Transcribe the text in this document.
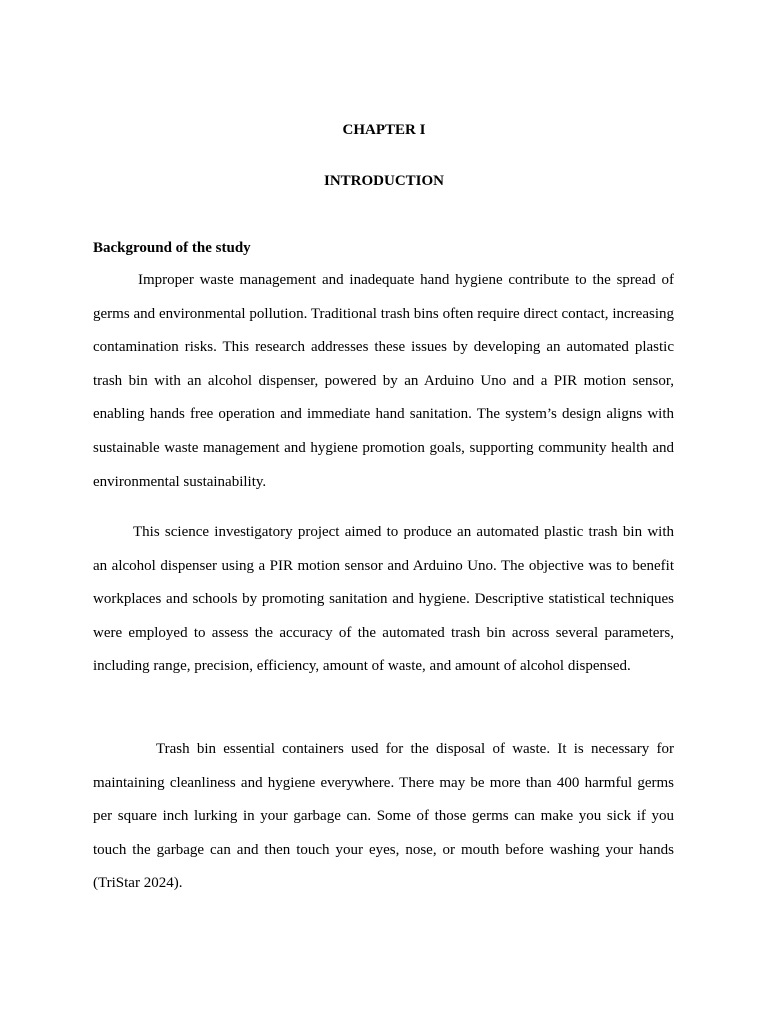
CHAPTER I
INTRODUCTION
Background of the study

Improper waste management and inadequate hand hygiene contribute to the spread of germs and environmental pollution. Traditional trash bins often require direct contact, increasing contamination risks. This research addresses these issues by developing an automated plastic trash bin with an alcohol dispenser, powered by an Arduino Uno and a PIR motion sensor, enabling hands free operation and immediate hand sanitation. The system’s design aligns with sustainable waste management and hygiene promotion goals, supporting community health and environmental sustainability.

This science investigatory project aimed to produce an automated plastic trash bin with an alcohol dispenser using a PIR motion sensor and Arduino Uno. The objective was to benefit workplaces and schools by promoting sanitation and hygiene. Descriptive statistical techniques were employed to assess the accuracy of the automated trash bin across several parameters, including range, precision, efficiency, amount of waste, and amount of alcohol dispensed.

Trash bin essential containers used for the disposal of waste. It is necessary for maintaining cleanliness and hygiene everywhere. There may be more than 400 harmful germs per square inch lurking in your garbage can. Some of those germs can make you sick if you touch the garbage can and then touch your eyes, nose, or mouth before washing your hands (TriStar 2024).
